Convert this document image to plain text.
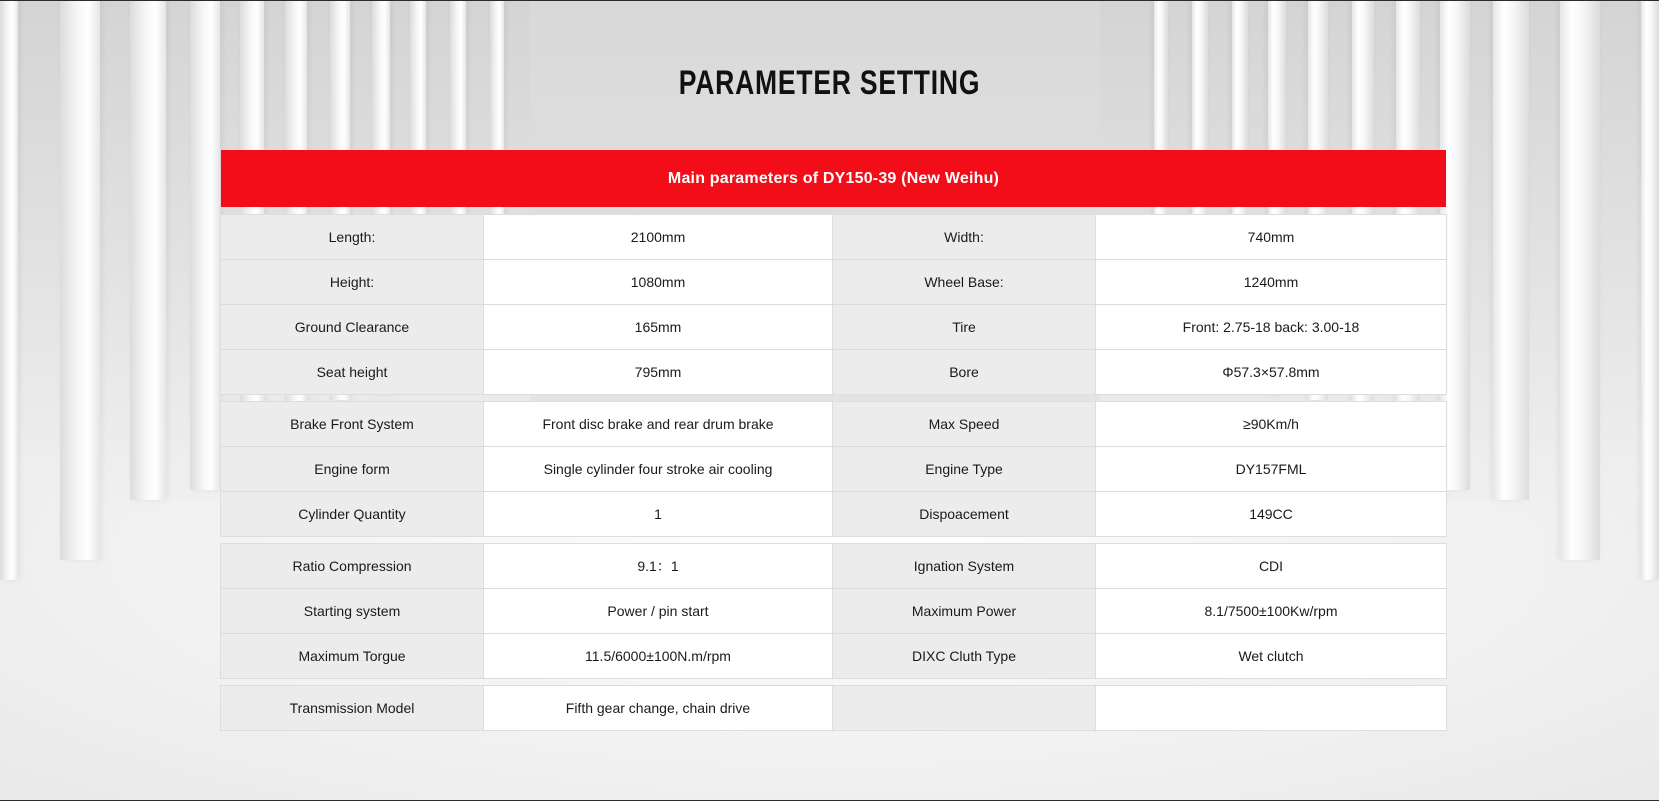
PARAMETER SETTING
Main parameters of DY150-39 (New Weihu)
Length:	2100mm	Width:	740mm
Height:	1080mm	Wheel Base:	1240mm
Ground Clearance	165mm	Tire	Front: 2.75-18 back: 3.00-18
Seat height	795mm	Bore	Φ57.3×57.8mm
Brake Front System	Front disc brake and rear drum brake	Max Speed	≥90Km/h
Engine form	Single cylinder four stroke air cooling	Engine Type	DY157FML
Cylinder Quantity	1	Dispoacement	149CC
Ratio Compression	9.1：1	Ignation System	CDI
Starting system	Power / pin start	Maximum Power	8.1/7500±100Kw/rpm
Maximum Torgue	11.5/6000±100N.m/rpm	DIXC Cluth Type	Wet clutch
Transmission Model	Fifth gear change, chain drive
